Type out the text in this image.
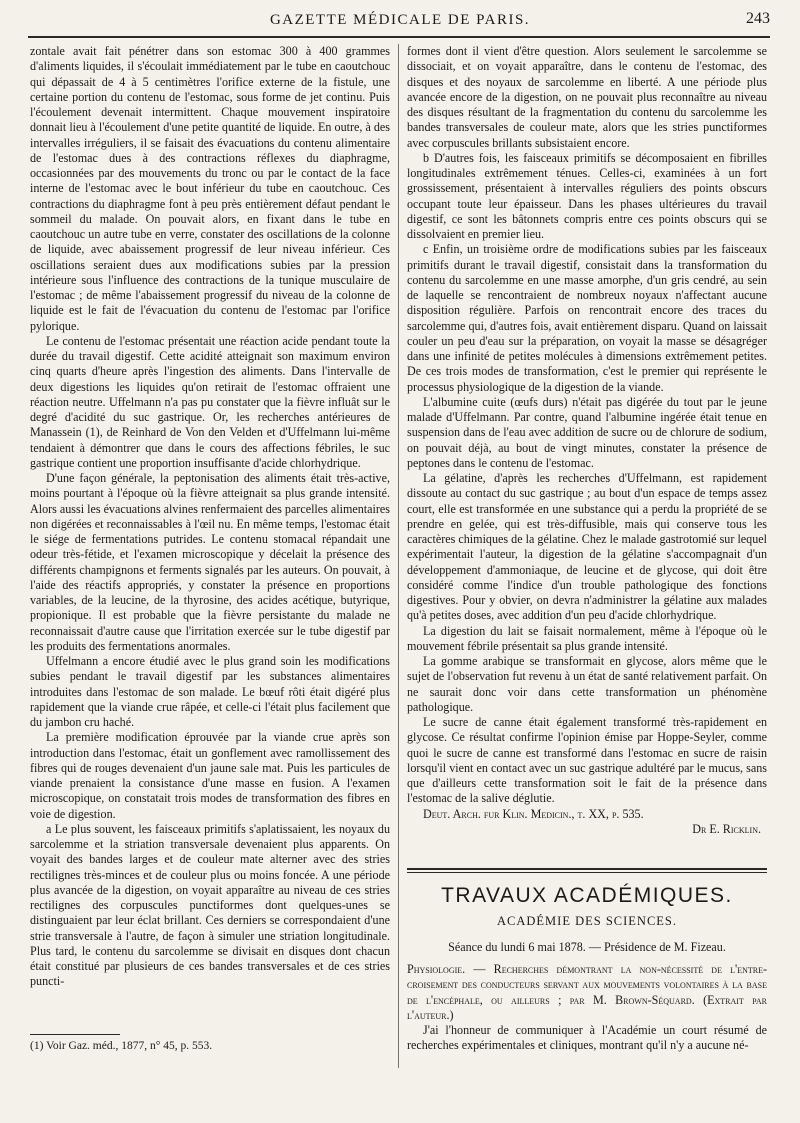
GAZETTE MÉDICALE DE PARIS.	243

zontale avait fait pénétrer dans son estomac 300 à 400 grammes d'aliments liquides, il s'écoulait immédiatement par le tube en caoutchouc qui dépassait de 4 à 5 centimètres l'orifice externe de la fistule, une certaine portion du contenu de l'estomac, sous forme de jet continu. Puis l'écoulement devenait intermittent. Chaque mouvement inspiratoire donnait lieu à l'écoulement d'une petite quantité de liquide. En outre, à des intervalles irréguliers, il se faisait des évacuations du contenu alimentaire de l'estomac dues à des contractions réflexes du diaphragme, occasionnées par des mouvements du tronc ou par le contact de la face interne de l'estomac avec le bout inférieur du tube en caoutchouc. Ces contractions du diaphragme font à peu près entièrement défaut pendant le sommeil du malade. On pouvait alors, en fixant dans le tube en caoutchouc un autre tube en verre, constater des oscillations de la colonne de liquide, avec abaissement progressif de leur niveau inférieur. Ces oscillations seraient dues aux modifications subies par la pression intérieure sous l'influence des contractions de la tunique musculaire de l'estomac ; de même l'abaissement progressif du niveau de la colonne de liquide est le fait de l'évacuation du contenu de l'estomac par l'orifice pylorique.

Le contenu de l'estomac présentait une réaction acide pendant toute la durée du travail digestif. Cette acidité atteignait son maximum environ cinq quarts d'heure après l'ingestion des aliments. Dans l'intervalle de deux digestions les liquides qu'on retirait de l'estomac offraient une réaction neutre. Uffelmann n'a pas pu constater que la fièvre influât sur le degré d'acidité du suc gastrique. Or, les recherches antérieures de Manassein (1), de Reinhard de Von den Velden et d'Uffelmann lui-même tendaient à démontrer que dans le cours des affections fébriles, le suc gastrique contient une proportion insuffisante d'acide chlorhydrique.

D'une façon générale, la peptonisation des aliments était très-active, moins pourtant à l'époque où la fièvre atteignait sa plus grande intensité. Alors aussi les évacuations alvines renfermaient des parcelles alimentaires non digérées et reconnaissables à l'œil nu. En même temps, l'estomac était le siége de fermentations putrides. Le contenu stomacal répandait une odeur très-fétide, et l'examen microscopique y décelait la présence des différents champignons et ferments signalés par les auteurs. On pouvait, à l'aide des réactifs appropriés, y constater la présence en proportions variables, de la leucine, de la thyrosine, des acides acétique, butyrique, propionique. Il est probable que la fièvre persistante du malade ne reconnaissait d'autre cause que l'irritation exercée sur le tube digestif par les produits des fermentations anormales.

Uffelmann a encore étudié avec le plus grand soin les modifications subies pendant le travail digestif par les substances alimentaires introduites dans l'estomac de son malade. Le bœuf rôti était digéré plus rapidement que la viande crue râpée, et celle-ci l'était plus facilement que du jambon cru haché.

La première modification éprouvée par la viande crue après son introduction dans l'estomac, était un gonflement avec ramollissement des fibres qui de rouges devenaient d'un jaune sale mat. Puis les particules de viande prenaient la consistance d'une masse en fusion. A l'examen microscopique, on constatait trois modes de transformation des fibres en voie de digestion.

a Le plus souvent, les faisceaux primitifs s'aplatissaient, les noyaux du sarcolemme et la striation transversale devenaient plus apparents. On voyait des bandes larges et de couleur mate alterner avec des stries rectilignes très-minces et de couleur plus ou moins foncée. A une période plus avancée de la digestion, on voyait apparaître au niveau de ces stries rectilignes des corpuscules punctiformes dont quelques-unes se distinguaient par leur éclat brillant. Ces derniers se correspondaient d'une strie transversale à l'autre, de façon à simuler une striation longitudinale. Plus tard, le contenu du sarcolemme se divisait en disques dont chacun était constitué par plusieurs de ces bandes transversales et de ces stries puncti-

(1) Voir Gaz. méd., 1877, n° 45, p. 553.

formes dont il vient d'être question. Alors seulement le sarcolemme se dissociait, et on voyait apparaître, dans le contenu de l'estomac, des disques et des noyaux de sarcolemme en liberté. A une période plus avancée encore de la digestion, on ne pouvait plus reconnaître au niveau des disques résultant de la fragmentation du contenu du sarcolemme les bandes transversales de couleur mate, alors que les stries punctiformes avec corpuscules brillants subsistaient encore.

b D'autres fois, les faisceaux primitifs se décomposaient en fibrilles longitudinales extrêmement ténues. Celles-ci, examinées à un fort grossissement, présentaient à intervalles réguliers des points obscurs occupant toute leur épaisseur. Dans les phases ultérieures du travail digestif, ce sont les bâtonnets compris entre ces points obscurs qui se dissolvaient en premier lieu.

c Enfin, un troisième ordre de modifications subies par les faisceaux primitifs durant le travail digestif, consistait dans la transformation du contenu du sarcolemme en une masse amorphe, d'un gris cendré, au sein de laquelle se rencontraient de nombreux noyaux n'affectant aucune disposition régulière. Parfois on rencontrait encore des traces du sarcolemme qui, d'autres fois, avait entièrement disparu. Quand on laissait couler un peu d'eau sur la préparation, on voyait la masse se désagréger dans une infinité de petites molécules à dimensions extrêmement petites. De ces trois modes de transformation, c'est le premier qui représente le processus physiologique de la digestion de la viande.

L'albumine cuite (œufs durs) n'était pas digérée du tout par le jeune malade d'Uffelmann. Par contre, quand l'albumine ingérée était tenue en suspension dans de l'eau avec addition de sucre ou de chlorure de sodium, on pouvait déjà, au bout de vingt minutes, constater la présence de peptones dans le contenu de l'estomac.

La gélatine, d'après les recherches d'Uffelmann, est rapidement dissoute au contact du suc gastrique ; au bout d'un espace de temps assez court, elle est transformée en une substance qui a perdu la propriété de se prendre en gelée, qui est très-diffusible, mais qui conserve tous les caractères chimiques de la gélatine. Chez le malade gastrotomié sur lequel expérimentait l'auteur, la digestion de la gélatine s'accompagnait d'un développement d'ammoniaque, de leucine et de glycose, qui doit être considéré comme l'indice d'un trouble pathologique des fonctions digestives. Pour y obvier, on devra n'administrer la gélatine aux malades qu'à petites doses, avec addition d'un peu d'acide chlorhydrique.

La digestion du lait se faisait normalement, même à l'époque où le mouvement fébrile présentait sa plus grande intensité.

La gomme arabique se transformait en glycose, alors même que le sujet de l'observation fut revenu à un état de santé relativement parfait. On ne saurait donc voir dans cette transformation un phénomène pathologique.

Le sucre de canne était également transformé très-rapidement en glycose. Ce résultat confirme l'opinion émise par Hoppe-Seyler, comme quoi le sucre de canne est transformé dans l'estomac en sucre de raisin lorsqu'il vient en contact avec un suc gastrique adultéré par le mucus, sans que d'ailleurs cette transformation soit le fait de la présence dans l'estomac de la salive déglutie.

Deut. Arch. fur Klin. Medicin., t. XX, p. 535.

Dr E. Ricklin.

TRAVAUX ACADÉMIQUES.
ACADÉMIE DES SCIENCES.
Séance du lundi 6 mai 1878. — Présidence de M. Fizeau.

Physiologie. — Recherches démontrant la non-nécessité de l'entre-croisement des conducteurs servant aux mouvements volontaires à la base de l'encéphale, ou ailleurs ; par M. Brown-Séquard. (Extrait par l'auteur.)

J'ai l'honneur de communiquer à l'Académie un court résumé de recherches expérimentales et cliniques, montrant qu'il n'y a aucune né-
